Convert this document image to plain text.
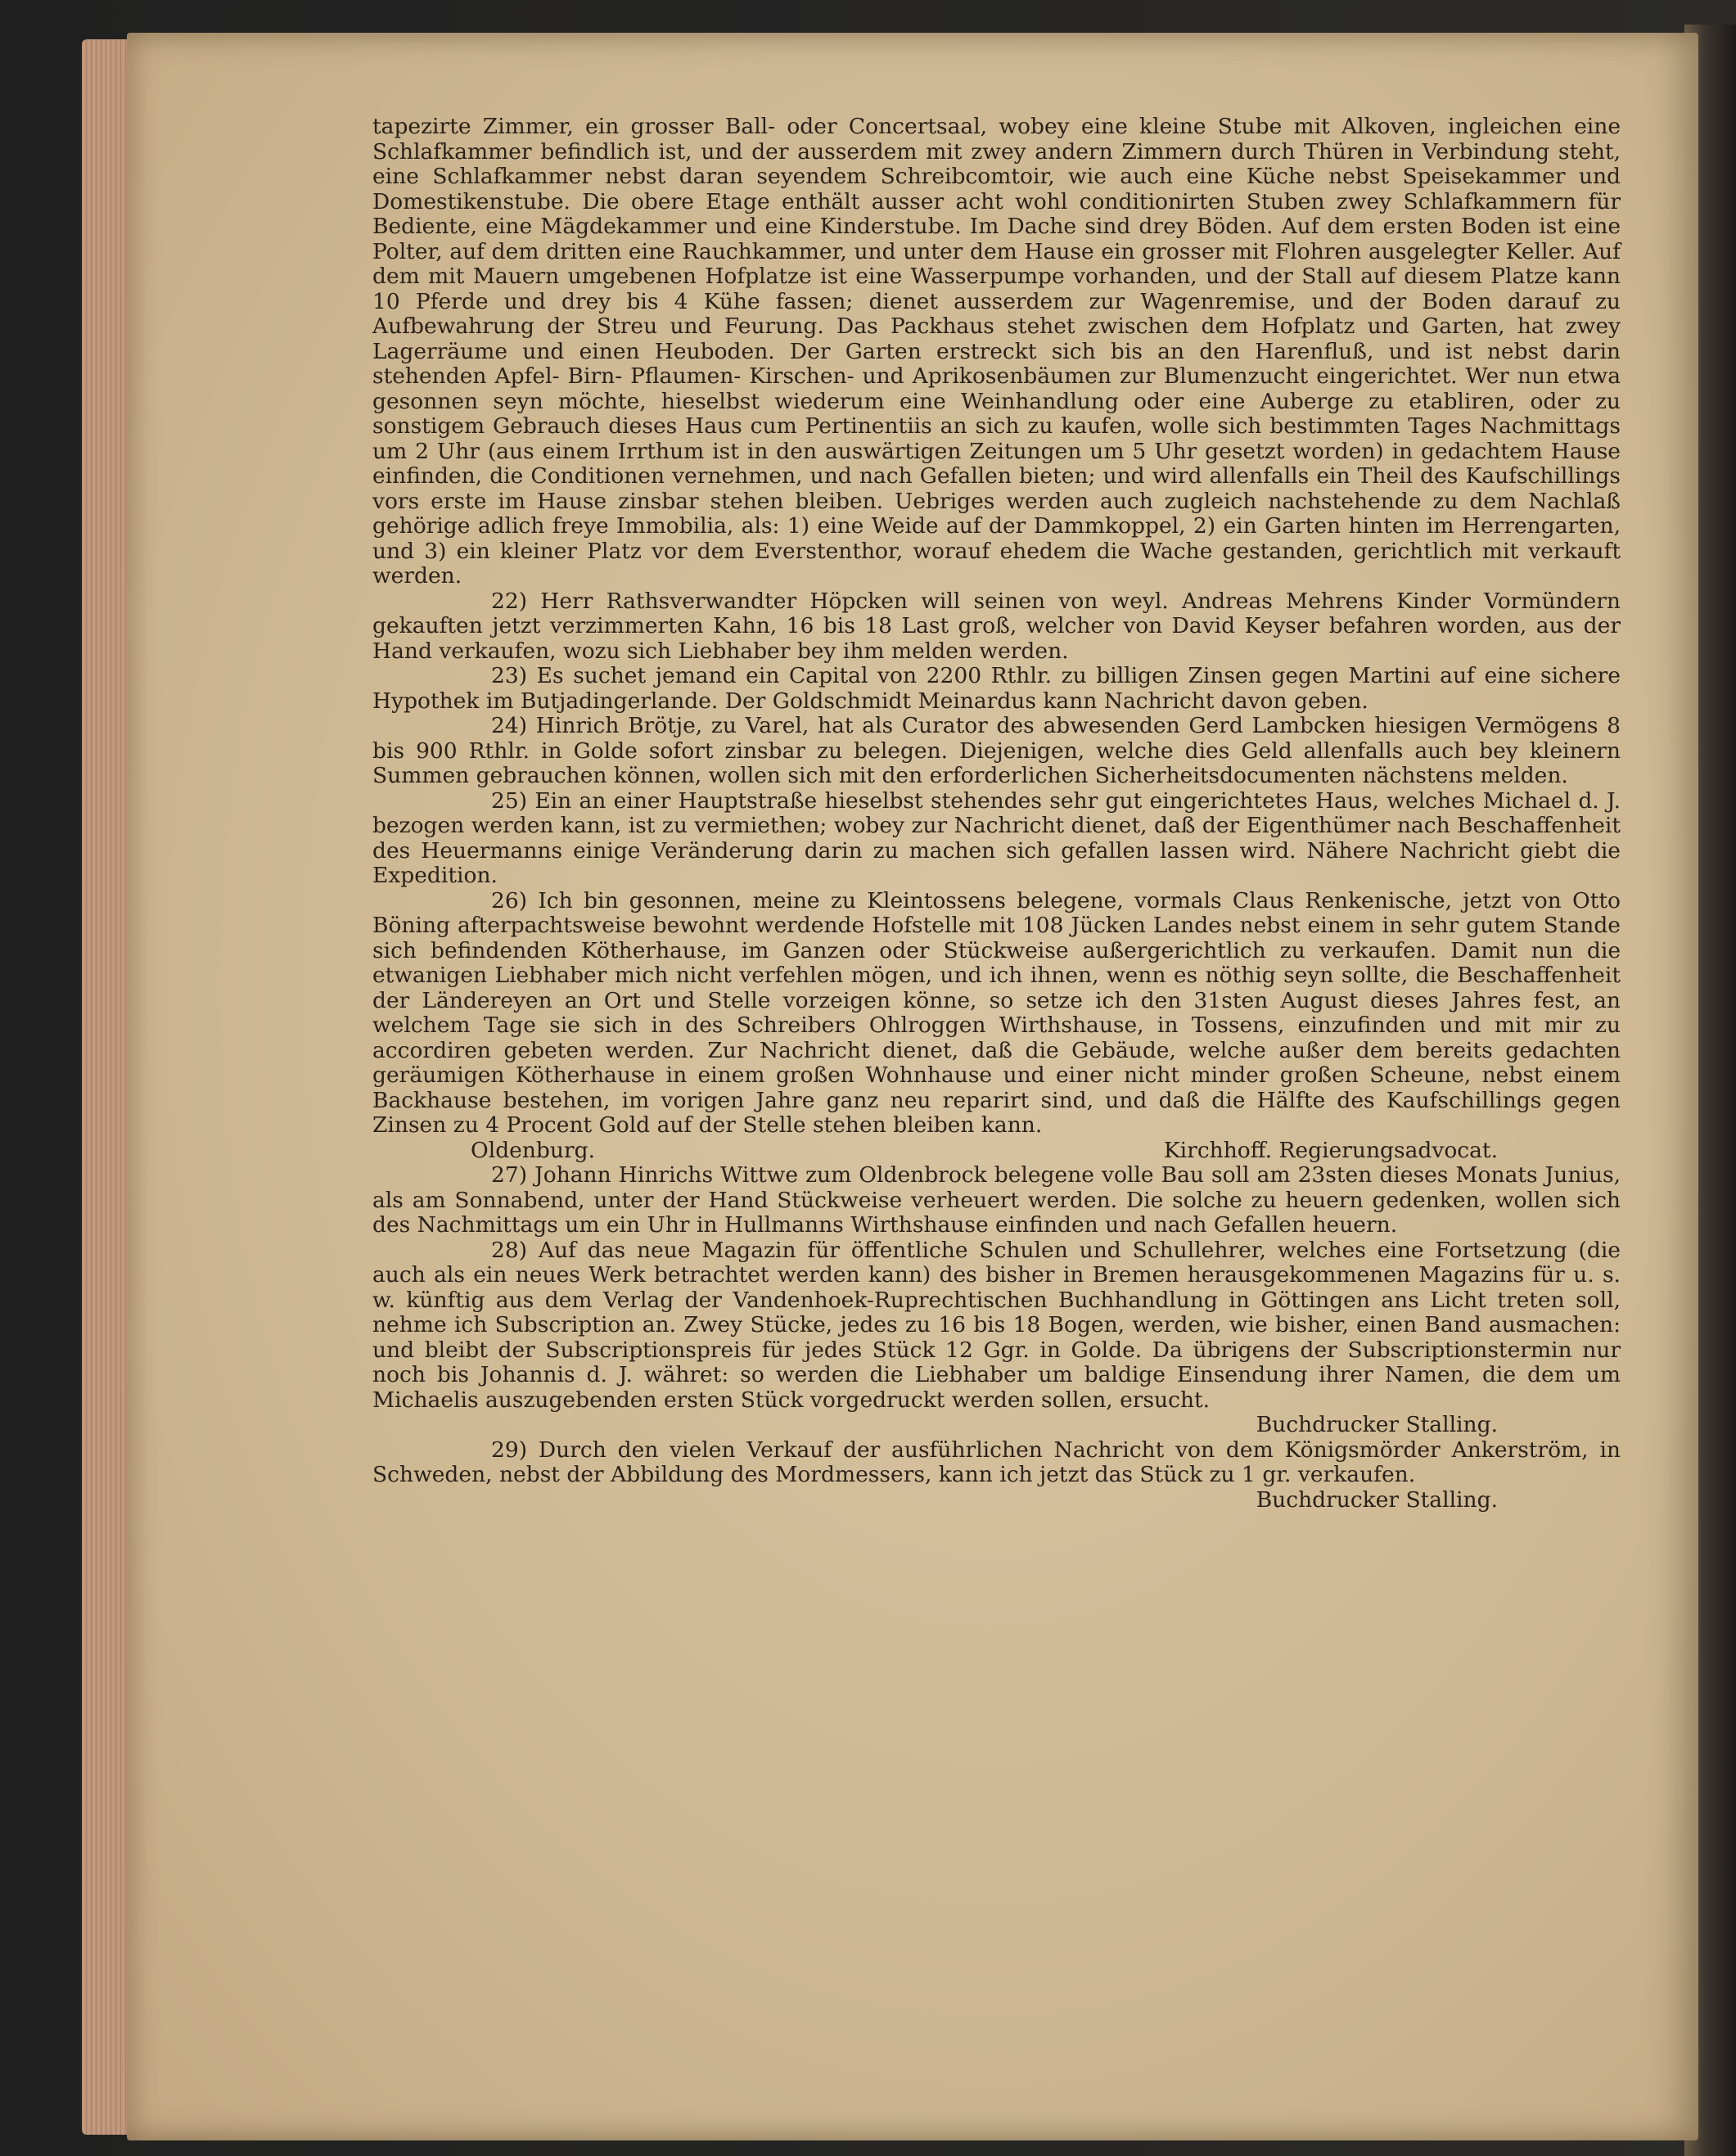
tapezirte Zimmer, ein grosser Ball- oder Concertsaal, wobey eine kleine Stube mit Alkoven, ingleichen eine Schlafkammer befindlich ist, und der ausserdem mit zwey andern Zimmern durch Thüren in Verbindung steht, eine Schlafkammer nebst daran seyendem Schreibcomtoir, wie auch eine Küche nebst Speisekammer und Domestikenstube. Die obere Etage enthält ausser acht wohl conditionirten Stuben zwey Schlafkammern für Bediente, eine Mägdekammer und eine Kinderstube. Im Dache sind drey Böden. Auf dem ersten Boden ist eine Polter, auf dem dritten eine Rauchkammer, und unter dem Hause ein grosser mit Flohren ausgelegter Keller. Auf dem mit Mauern umgebenen Hofplatze ist eine Wasserpumpe vorhanden, und der Stall auf diesem Platze kann 10 Pferde und drey bis 4 Kühe fassen; dienet ausserdem zur Wagenremise, und der Boden darauf zu Aufbewahrung der Streu und Feurung. Das Packhaus stehet zwischen dem Hofplatz und Garten, hat zwey Lagerräume und einen Heuboden. Der Garten erstreckt sich bis an den Harenfluß, und ist nebst darin stehenden Apfel- Birn- Pflaumen- Kirschen- und Aprikosenbäumen zur Blumenzucht eingerichtet. Wer nun etwa gesonnen seyn möchte, hieselbst wiederum eine Weinhandlung oder eine Auberge zu etabliren, oder zu sonstigem Gebrauch dieses Haus cum Pertinentiis an sich zu kaufen, wolle sich bestimmten Tages Nachmittags um 2 Uhr (aus einem Irrthum ist in den auswärtigen Zeitungen um 5 Uhr gesetzt worden) in gedachtem Hause einfinden, die Conditionen vernehmen, und nach Gefallen bieten; und wird allenfalls ein Theil des Kaufschillings vors erste im Hause zinsbar stehen bleiben. Uebriges werden auch zugleich nachstehende zu dem Nachlaß gehörige adlich freye Immobilia, als: 1) eine Weide auf der Dammkoppel, 2) ein Garten hinten im Herrengarten, und 3) ein kleiner Platz vor dem Everstenthor, worauf ehedem die Wache gestanden, gerichtlich mit verkauft werden.

22) Herr Rathsverwandter Höpcken will seinen von weyl. Andreas Mehrens Kinder Vormündern gekauften jetzt verzimmerten Kahn, 16 bis 18 Last groß, welcher von David Keyser befahren worden, aus der Hand verkaufen, wozu sich Liebhaber bey ihm melden werden.

23) Es suchet jemand ein Capital von 2200 Rthlr. zu billigen Zinsen gegen Martini auf eine sichere Hypothek im Butjadingerlande. Der Goldschmidt Meinardus kann Nachricht davon geben.

24) Hinrich Brötje, zu Varel, hat als Curator des abwesenden Gerd Lambcken hiesigen Vermögens 8 bis 900 Rthlr. in Golde sofort zinsbar zu belegen. Diejenigen, welche dies Geld allenfalls auch bey kleinern Summen gebrauchen können, wollen sich mit den erforderlichen Sicherheitsdocumenten nächstens melden.

25) Ein an einer Hauptstraße hieselbst stehendes sehr gut eingerichtetes Haus, welches Michael d. J. bezogen werden kann, ist zu vermiethen; wobey zur Nachricht dienet, daß der Eigenthümer nach Beschaffenheit des Heuermanns einige Veränderung darin zu machen sich gefallen lassen wird. Nähere Nachricht giebt die Expedition.

26) Ich bin gesonnen, meine zu Kleintossens belegene, vormals Claus Renkenische, jetzt von Otto Böning afterpachtsweise bewohnt werdende Hofstelle mit 108 Jücken Landes nebst einem in sehr gutem Stande sich befindenden Kötherhause, im Ganzen oder Stückweise außergerichtlich zu verkaufen. Damit nun die etwanigen Liebhaber mich nicht verfehlen mögen, und ich ihnen, wenn es nöthig seyn sollte, die Beschaffenheit der Ländereyen an Ort und Stelle vorzeigen könne, so setze ich den 31sten August dieses Jahres fest, an welchem Tage sie sich in des Schreibers Ohlroggen Wirthshause, in Tossens, einzufinden und mit mir zu accordiren gebeten werden. Zur Nachricht dienet, daß die Gebäude, welche außer dem bereits gedachten geräumigen Kötherhause in einem großen Wohnhause und einer nicht minder großen Scheune, nebst einem Backhause bestehen, im vorigen Jahre ganz neu reparirt sind, und daß die Hälfte des Kaufschillings gegen Zinsen zu 4 Procent Gold auf der Stelle stehen bleiben kann.

Oldenburg.	Kirchhoff. Regierungsadvocat.

27) Johann Hinrichs Wittwe zum Oldenbrock belegene volle Bau soll am 23sten dieses Monats Junius, als am Sonnabend, unter der Hand Stückweise verheuert werden. Die solche zu heuern gedenken, wollen sich des Nachmittags um ein Uhr in Hullmanns Wirthshause einfinden und nach Gefallen heuern.

28) Auf das neue Magazin für öffentliche Schulen und Schullehrer, welches eine Fortsetzung (die auch als ein neues Werk betrachtet werden kann) des bisher in Bremen herausgekommenen Magazins für u. s. w. künftig aus dem Verlag der Vandenhoek-Ruprechtischen Buchhandlung in Göttingen ans Licht treten soll, nehme ich Subscription an. Zwey Stücke, jedes zu 16 bis 18 Bogen, werden, wie bisher, einen Band ausmachen: und bleibt der Subscriptionspreis für jedes Stück 12 Ggr. in Golde. Da übrigens der Subscriptionstermin nur noch bis Johannis d. J. währet: so werden die Liebhaber um baldige Einsendung ihrer Namen, die dem um Michaelis auszugebenden ersten Stück vorgedruckt werden sollen, ersucht.

Buchdrucker Stalling.

29) Durch den vielen Verkauf der ausführlichen Nachricht von dem Königsmörder Ankerström, in Schweden, nebst der Abbildung des Mordmessers, kann ich jetzt das Stück zu 1 gr. verkaufen.

Buchdrucker Stalling.
